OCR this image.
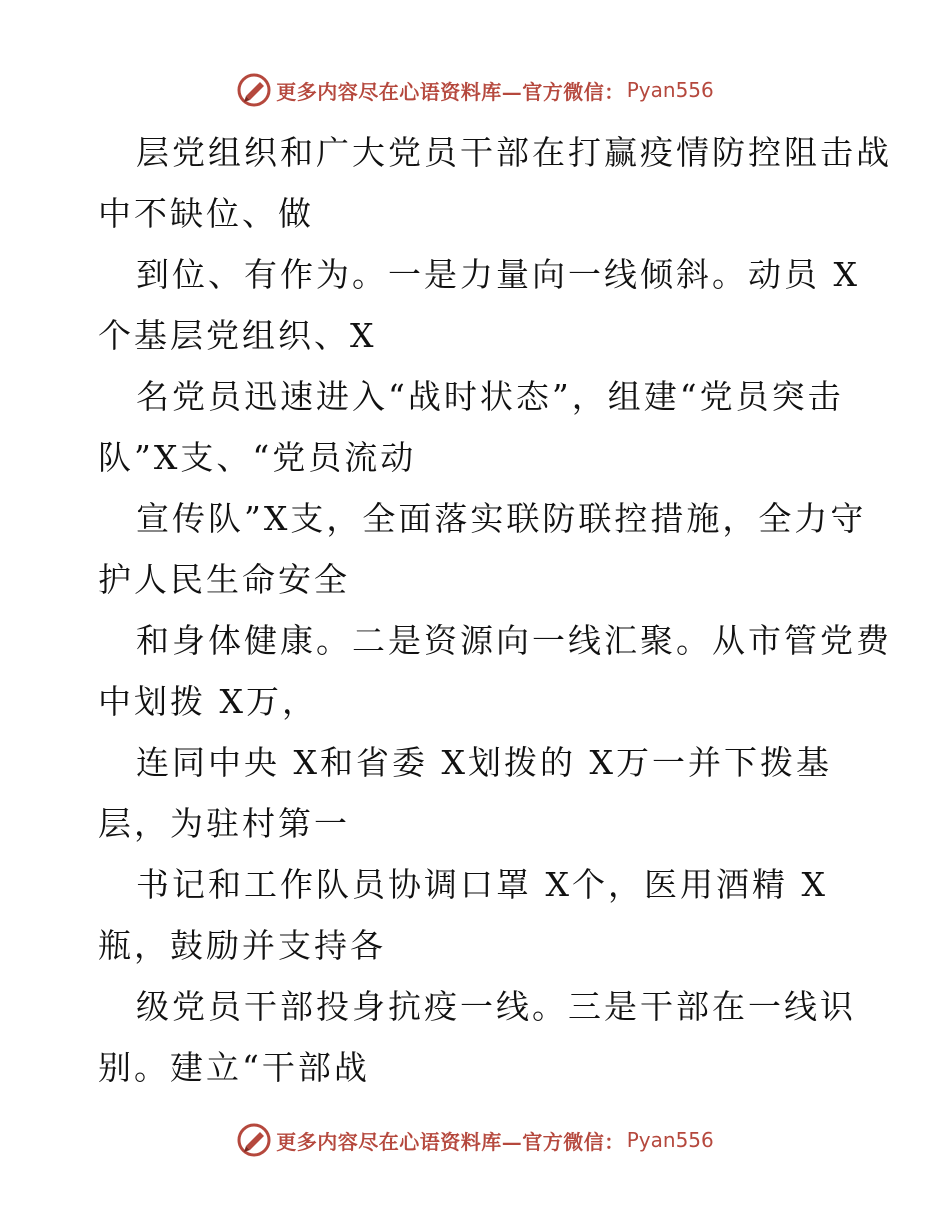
更多内容尽在心语资料库—官方微信： Pyan556
层党组织和广大党员干部在打赢疫情防控阻击战
中不缺位、做
到位、有作为。一是力量向一线倾斜。动员 X
个基层党组织、X
名党员迅速进入“战时状态”，组建“党员突击
队”X支、“党员流动
宣传队”X支，全面落实联防联控措施，全力守
护人民生命安全
和身体健康。二是资源向一线汇聚。从市管党费
中划拨 X万，
连同中央 X和省委 X划拨的 X万一并下拨基
层，为驻村第一
书记和工作队员协调口罩 X个，医用酒精 X
瓶，鼓励并支持各
级党员干部投身抗疫一线。三是干部在一线识
别。建立“干部战
更多内容尽在心语资料库—官方微信： Pyan556
